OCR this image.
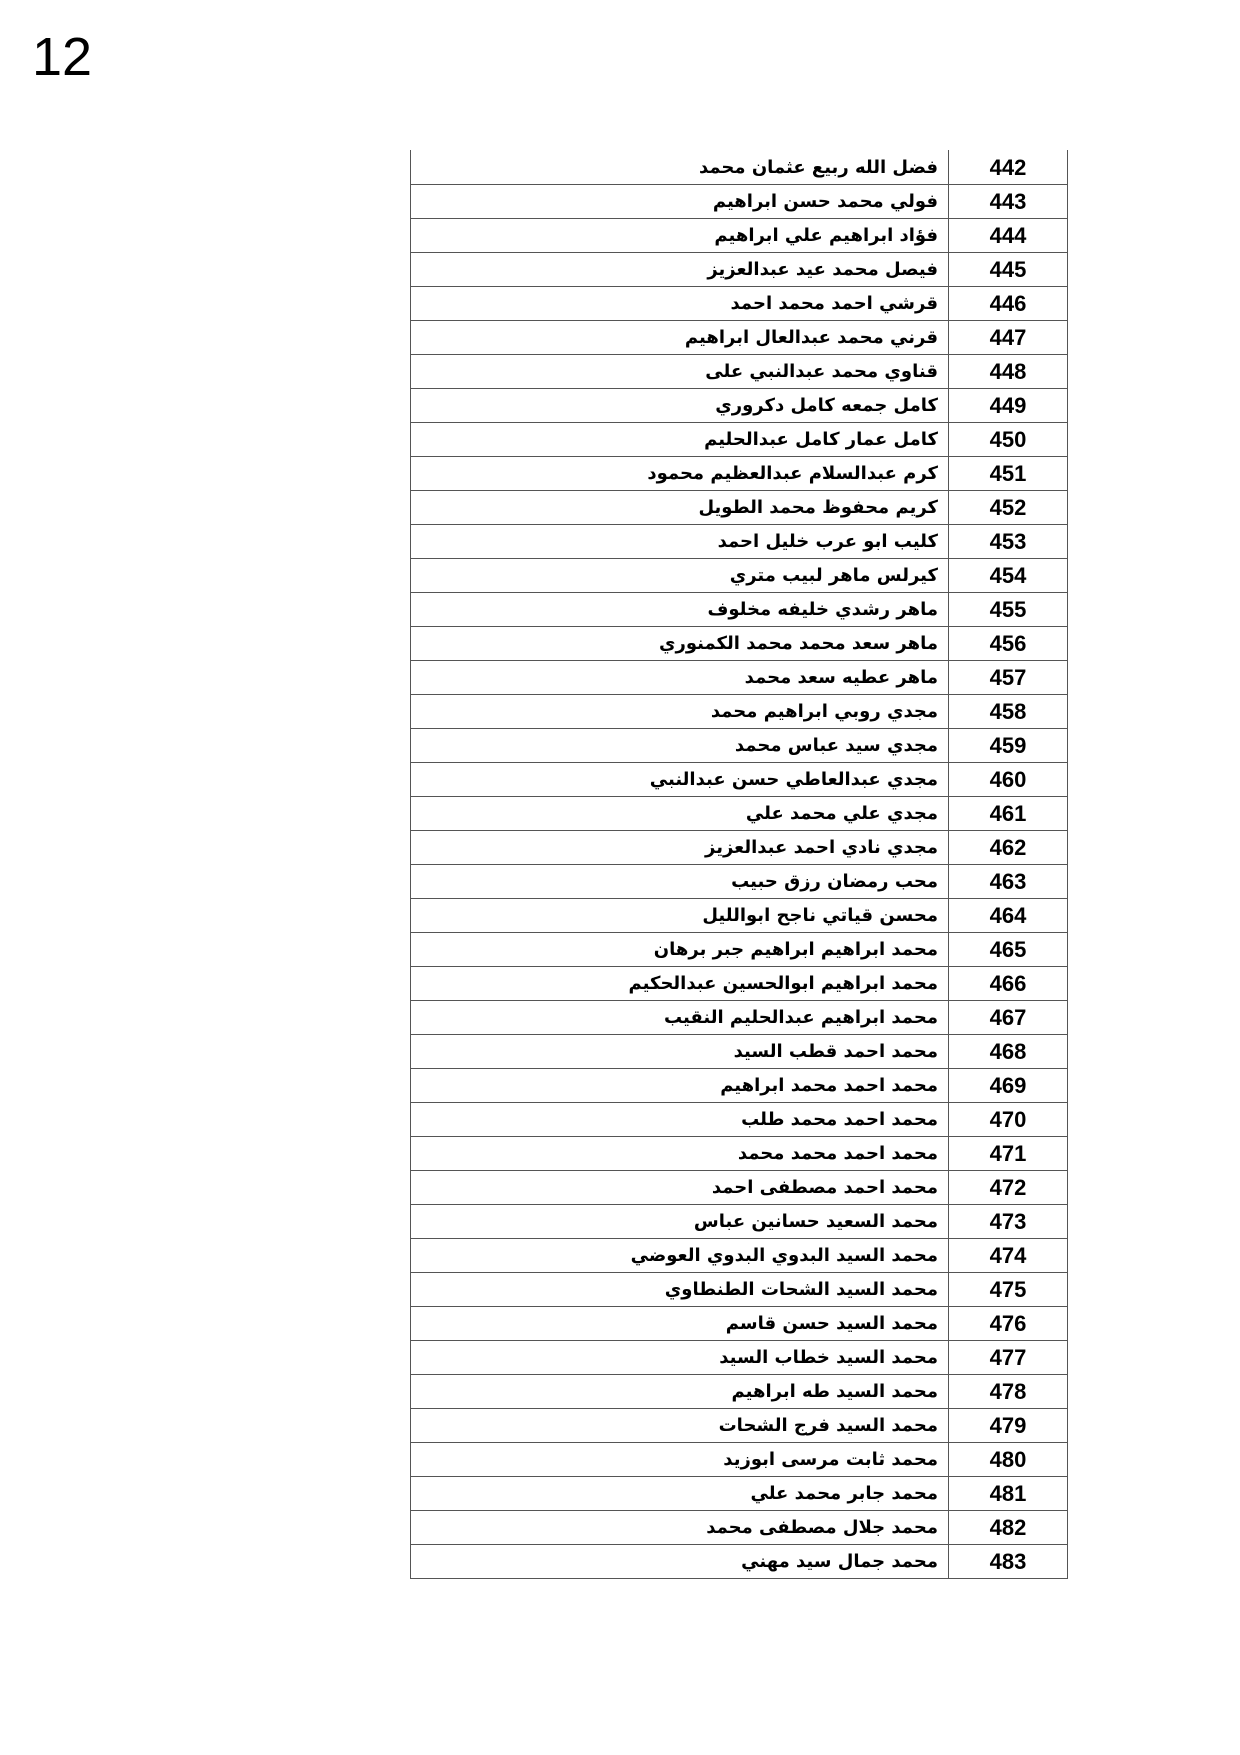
12
442	فضل الله ربيع عثمان محمد
443	فولي محمد حسن ابراهيم
444	فؤاد ابراهيم علي ابراهيم
445	فيصل محمد عيد عبدالعزيز
446	قرشي احمد محمد احمد
447	قرني محمد عبدالعال ابراهيم
448	قناوي محمد عبدالنبي على
449	كامل جمعه كامل دكروري
450	كامل عمار كامل عبدالحليم
451	كرم عبدالسلام عبدالعظيم محمود
452	كريم محفوظ محمد الطويل
453	كليب ابو عرب خليل احمد
454	كيرلس ماهر لبيب متري
455	ماهر رشدي خليفه مخلوف
456	ماهر سعد محمد محمد الكمنوري
457	ماهر عطيه سعد محمد
458	مجدي روبي ابراهيم محمد
459	مجدي سيد عباس محمد
460	مجدي عبدالعاطي حسن عبدالنبي
461	مجدي علي محمد علي
462	مجدي نادي احمد عبدالعزيز
463	محب رمضان رزق حبيب
464	محسن قياتي ناجح ابوالليل
465	محمد ابراهيم ابراهيم جبر برهان
466	محمد ابراهيم ابوالحسين عبدالحكيم
467	محمد ابراهيم عبدالحليم النقيب
468	محمد احمد قطب السيد
469	محمد احمد محمد ابراهيم
470	محمد احمد محمد طلب
471	محمد احمد محمد محمد
472	محمد احمد مصطفى احمد
473	محمد السعيد حسانين عباس
474	محمد السيد البدوي البدوي العوضي
475	محمد السيد الشحات الطنطاوي
476	محمد السيد حسن قاسم
477	محمد السيد خطاب السيد
478	محمد السيد طه ابراهيم
479	محمد السيد فرج الشحات
480	محمد ثابت مرسى ابوزيد
481	محمد جابر محمد علي
482	محمد جلال مصطفى محمد
483	محمد جمال سيد مهني
